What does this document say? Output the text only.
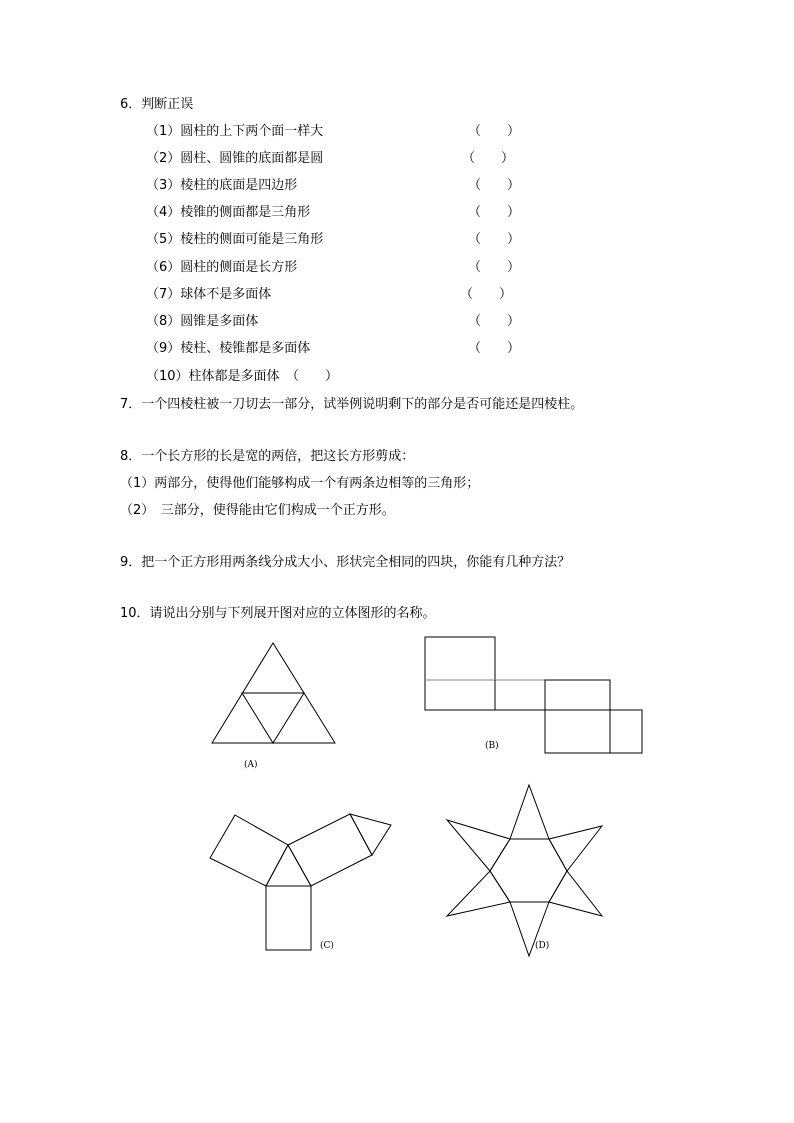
6．判断正误
（1）圆柱的上下两个面一样大	（　　）
（2）圆柱、圆锥的底面都是圆	（　　）
（3）棱柱的底面是四边形	（　　）
（4）棱锥的侧面都是三角形	（　　）
（5）棱柱的侧面可能是三角形	（　　）
（6）圆柱的侧面是长方形	（　　）
（7）球体不是多面体	（　　）
（8）圆锥是多面体	（　　）
（9）棱柱、棱锥都是多面体	（　　）
（10）柱体都是多面体　（　　）
7．一个四棱柱被一刀切去一部分，试举例说明剩下的部分是否可能还是四棱柱。
8．一个长方形的长是宽的两倍，把这长方形剪成：
（1）两部分，使得他们能够构成一个有两条边相等的三角形；
（2）　三部分，使得能由它们构成一个正方形。
9．把一个正方形用两条线分成大小、形状完全相同的四块，你能有几种方法？
10．请说出分别与下列展开图对应的立体图形的名称。
(A)
(B)
(C)	(D)
